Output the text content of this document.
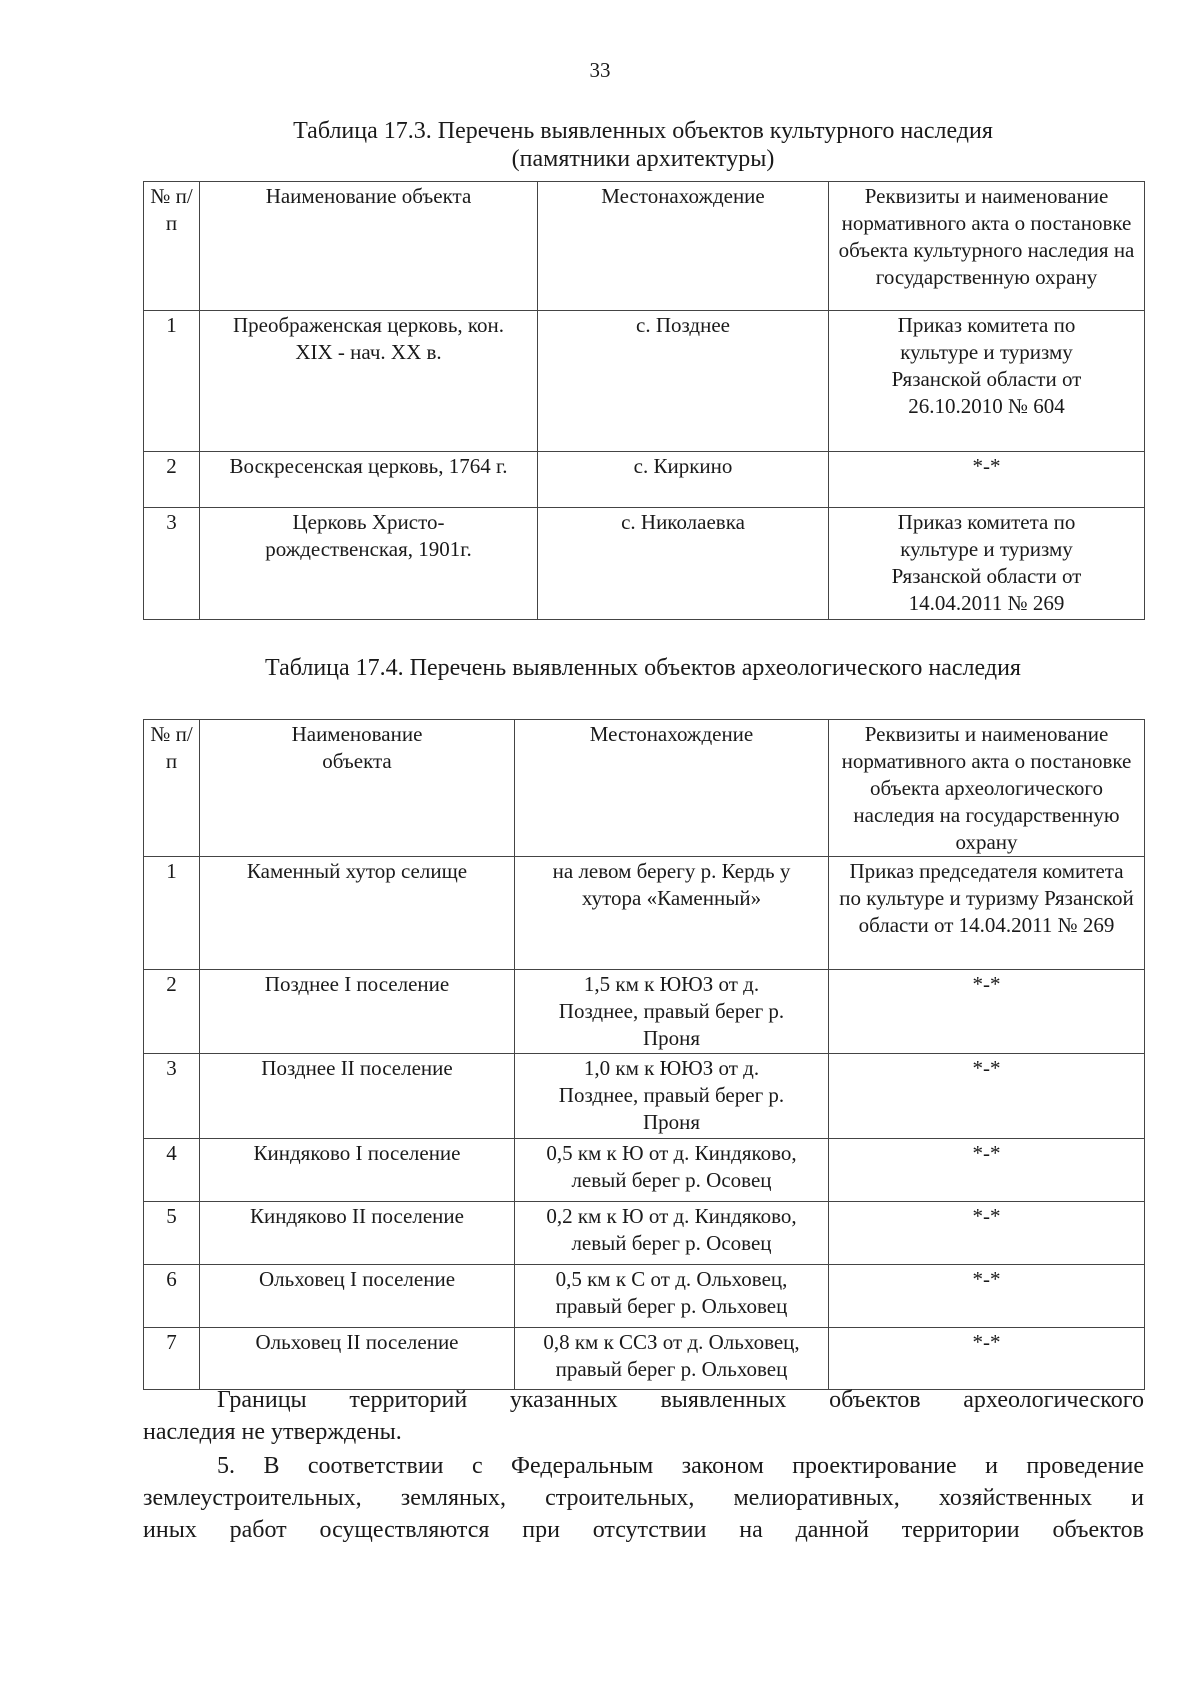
33
Таблица 17.3. Перечень выявленных объектов культурного наследия
(памятники архитектуры)
№ п/п	Наименование объекта	Местонахождение	Реквизиты и наименование нормативного акта о постановке объекта культурного наследия на государственную охрану
1	Преображенская церковь, кон. XIX - нач. XX в.	с. Позднее	Приказ комитета по культуре и туризму Рязанской области от 26.10.2010 № 604
2	Воскресенская церковь, 1764 г.	с. Киркино	*-*
3	Церковь Христо-рождественская, 1901г.	с. Николаевка	Приказ комитета по культуре и туризму Рязанской области от 14.04.2011 № 269
Таблица 17.4. Перечень выявленных объектов археологического наследия
№ п/п	Наименование объекта	Местонахождение	Реквизиты и наименование нормативного акта о постановке объекта археологического наследия на государственную охрану
1	Каменный хутор селище	на левом берегу р. Кердь у хутора «Каменный»	Приказ председателя комитета по культуре и туризму Рязанской области от 14.04.2011 № 269
2	Позднее I поселение	1,5 км к ЮЮЗ от д. Позднее, правый берег р. Проня	*-*
3	Позднее II поселение	1,0 км к ЮЮЗ от д. Позднее, правый берег р. Проня	*-*
4	Киндяково I поселение	0,5 км к Ю от д. Киндяково, левый берег р. Осовец	*-*
5	Киндяково II поселение	0,2 км к Ю от д. Киндяково, левый берег р. Осовец	*-*
6	Ольховец I поселение	0,5 км к С от д. Ольховец, правый берег р. Ольховец	*-*
7	Ольховец II поселение	0,8 км к ССЗ от д. Ольховец, правый берег р. Ольховец	*-*
Границы территорий указанных выявленных объектов археологического
наследия не утверждены.
5. В соответствии с Федеральным законом проектирование и проведение
землеустроительных, земляных, строительных, мелиоративных, хозяйственных и
иных работ осуществляются при отсутствии на данной территории объектов
